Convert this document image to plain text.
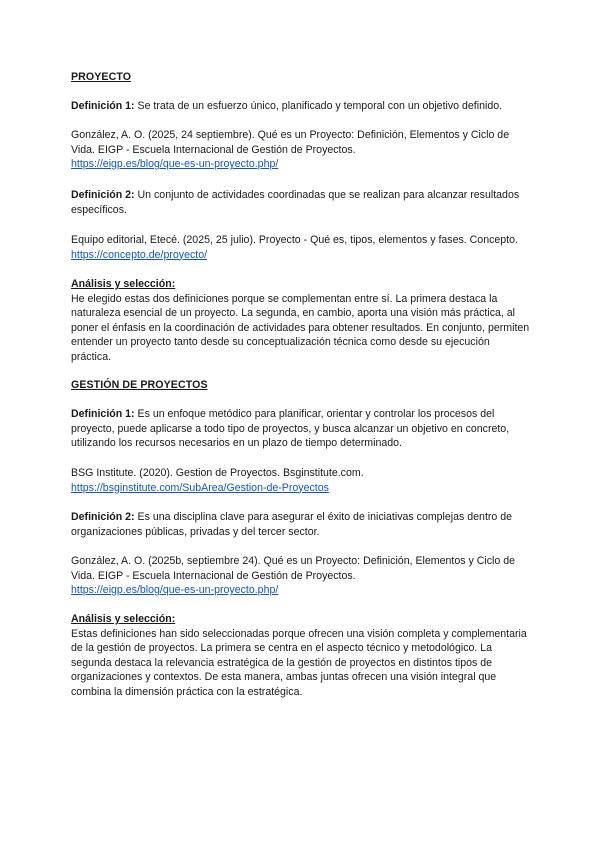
PROYECTO

Definición 1: Se trata de un esfuerzo único, planificado y temporal con un objetivo definido.

González, A. O. (2025, 24 septiembre). Qué es un Proyecto: Definición, Elementos y Ciclo de Vida. EIGP - Escuela Internacional de Gestión de Proyectos.

https://eigp.es/blog/que-es-un-proyecto.php/

Definición 2: Un conjunto de actividades coordinadas que se realizan para alcanzar resultados específicos.

Equipo editorial, Etecé. (2025, 25 julio). Proyecto - Qué es, tipos, elementos y fases. Concepto. https://concepto.de/proyecto/

Análisis y selección:

He elegido estas dos definiciones porque se complementan entre sí. La primera destaca la naturaleza esencial de un proyecto. La segunda, en cambio, aporta una visión más práctica, al poner el énfasis en la coordinación de actividades para obtener resultados. En conjunto, permiten entender un proyecto tanto desde su conceptualización técnica como desde su ejecución práctica.

GESTIÓN DE PROYECTOS

Definición 1: Es un enfoque metódico para planificar, orientar y controlar los procesos del proyecto, puede aplicarse a todo tipo de proyectos, y busca alcanzar un objetivo en concreto, utilizando los recursos necesarios en un plazo de tiempo determinado.

BSG Institute. (2020). Gestion de Proyectos. Bsginstitute.com.

https://bsginstitute.com/SubArea/Gestion-de-Proyectos

Definición 2: Es una disciplina clave para asegurar el éxito de iniciativas complejas dentro de organizaciones públicas, privadas y del tercer sector.

González, A. O. (2025b, septiembre 24). Qué es un Proyecto: Definición, Elementos y Ciclo de Vida. EIGP - Escuela Internacional de Gestión de Proyectos.

https://eigp.es/blog/que-es-un-proyecto.php/

Análisis y selección:

Estas definiciones han sido seleccionadas porque ofrecen una visión completa y complementaria de la gestión de proyectos. La primera se centra en el aspecto técnico y metodológico. La segunda destaca la relevancia estratégica de la gestión de proyectos en distintos tipos de organizaciones y contextos. De esta manera, ambas juntas ofrecen una visión integral que combina la dimensión práctica con la estratégica.
